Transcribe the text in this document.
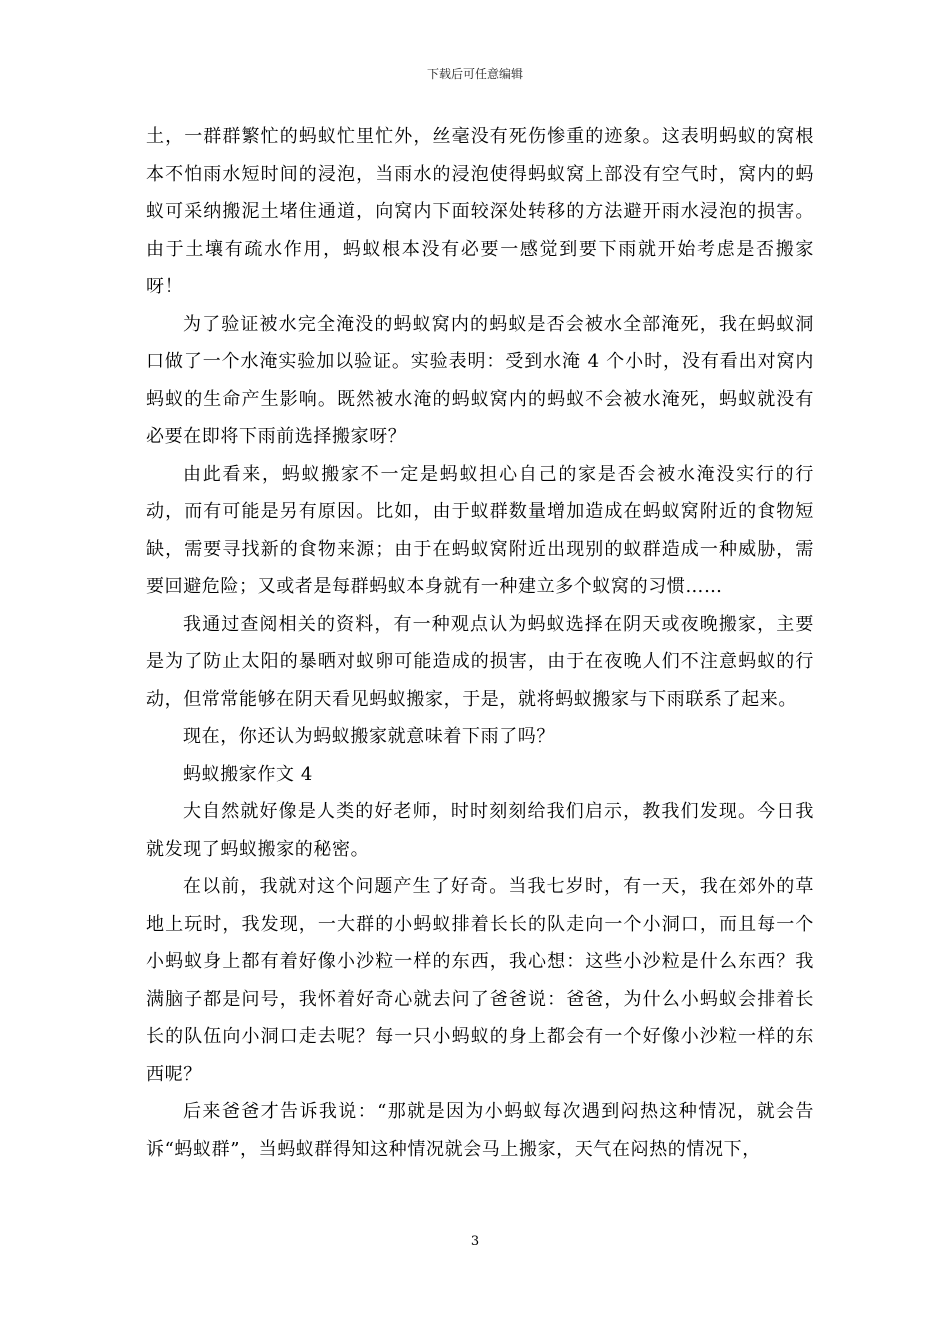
下载后可任意编辑

土，一群群繁忙的蚂蚁忙里忙外，丝毫没有死伤惨重的迹象。这表明蚂蚁的窝根本不怕雨水短时间的浸泡，当雨水的浸泡使得蚂蚁窝上部没有空气时，窝内的蚂蚁可采纳搬泥土堵住通道，向窝内下面较深处转移的方法避开雨水浸泡的损害。由于土壤有疏水作用，蚂蚁根本没有必要一感觉到要下雨就开始考虑是否搬家呀！

为了验证被水完全淹没的蚂蚁窝内的蚂蚁是否会被水全部淹死，我在蚂蚁洞口做了一个水淹实验加以验证。实验表明：受到水淹 4 个小时，没有看出对窝内蚂蚁的生命产生影响。既然被水淹的蚂蚁窝内的蚂蚁不会被水淹死，蚂蚁就没有必要在即将下雨前选择搬家呀？

由此看来，蚂蚁搬家不一定是蚂蚁担心自己的家是否会被水淹没实行的行动，而有可能是另有原因。比如，由于蚁群数量增加造成在蚂蚁窝附近的食物短缺，需要寻找新的食物来源；由于在蚂蚁窝附近出现别的蚁群造成一种威胁，需要回避危险；又或者是每群蚂蚁本身就有一种建立多个蚁窝的习惯……

我通过查阅相关的资料，有一种观点认为蚂蚁选择在阴天或夜晚搬家，主要是为了防止太阳的暴晒对蚁卵可能造成的损害，由于在夜晚人们不注意蚂蚁的行动，但常常能够在阴天看见蚂蚁搬家，于是，就将蚂蚁搬家与下雨联系了起来。

现在，你还认为蚂蚁搬家就意味着下雨了吗？

蚂蚁搬家作文 4

大自然就好像是人类的好老师，时时刻刻给我们启示，教我们发现。今日我就发现了蚂蚁搬家的秘密。

在以前，我就对这个问题产生了好奇。当我七岁时，有一天，我在郊外的草地上玩时，我发现，一大群的小蚂蚁排着长长的队走向一个小洞口，而且每一个小蚂蚁身上都有着好像小沙粒一样的东西，我心想：这些小沙粒是什么东西？我满脑子都是问号，我怀着好奇心就去问了爸爸说：爸爸，为什么小蚂蚁会排着长长的队伍向小洞口走去呢？每一只小蚂蚁的身上都会有一个好像小沙粒一样的东西呢？

后来爸爸才告诉我说：“那就是因为小蚂蚁每次遇到闷热这种情况，就会告诉“蚂蚁群”，当蚂蚁群得知这种情况就会马上搬家，天气在闷热的情况下，

3
